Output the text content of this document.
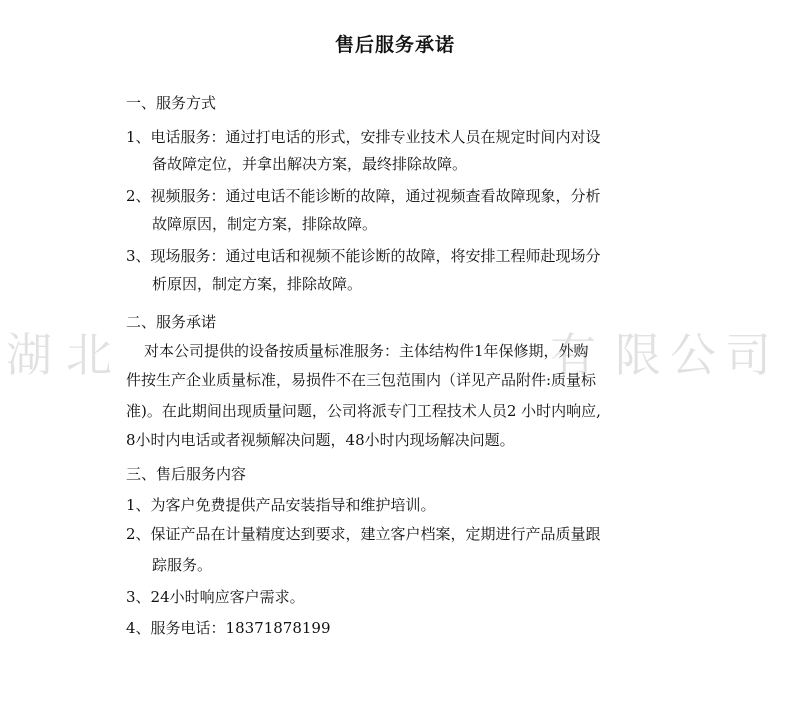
售后服务承诺
一、服务方式
1、电话服务：通过打电话的形式，安排专业技术人员在规定时间内对设
备故障定位，并拿出解决方案，最终排除故障。
2、视频服务：通过电话不能诊断的故障，通过视频查看故障现象，分析
故障原因，制定方案，排除故障。
3、现场服务：通过电话和视频不能诊断的故障，将安排工程师赴现场分
析原因，制定方案，排除故障。
二、服务承诺
对本公司提供的设备按质量标准服务：主体结构件1年保修期，外购
件按生产企业质量标准，易损件不在三包范围内（详见产品附件:质量标
准)。在此期间出现质量问题，公司将派专门工程技术人员2 小时内响应,
8小时内电话或者视频解决问题，48小时内现场解决问题。
三、售后服务内容
1、为客户免费提供产品安装指导和维护培训。
2、保证产品在计量精度达到要求，建立客户档案，定期进行产品质量跟
踪服务。
3、24小时响应客户需求。
4、服务电话：18371878199
湖 北	有 限 公 司
